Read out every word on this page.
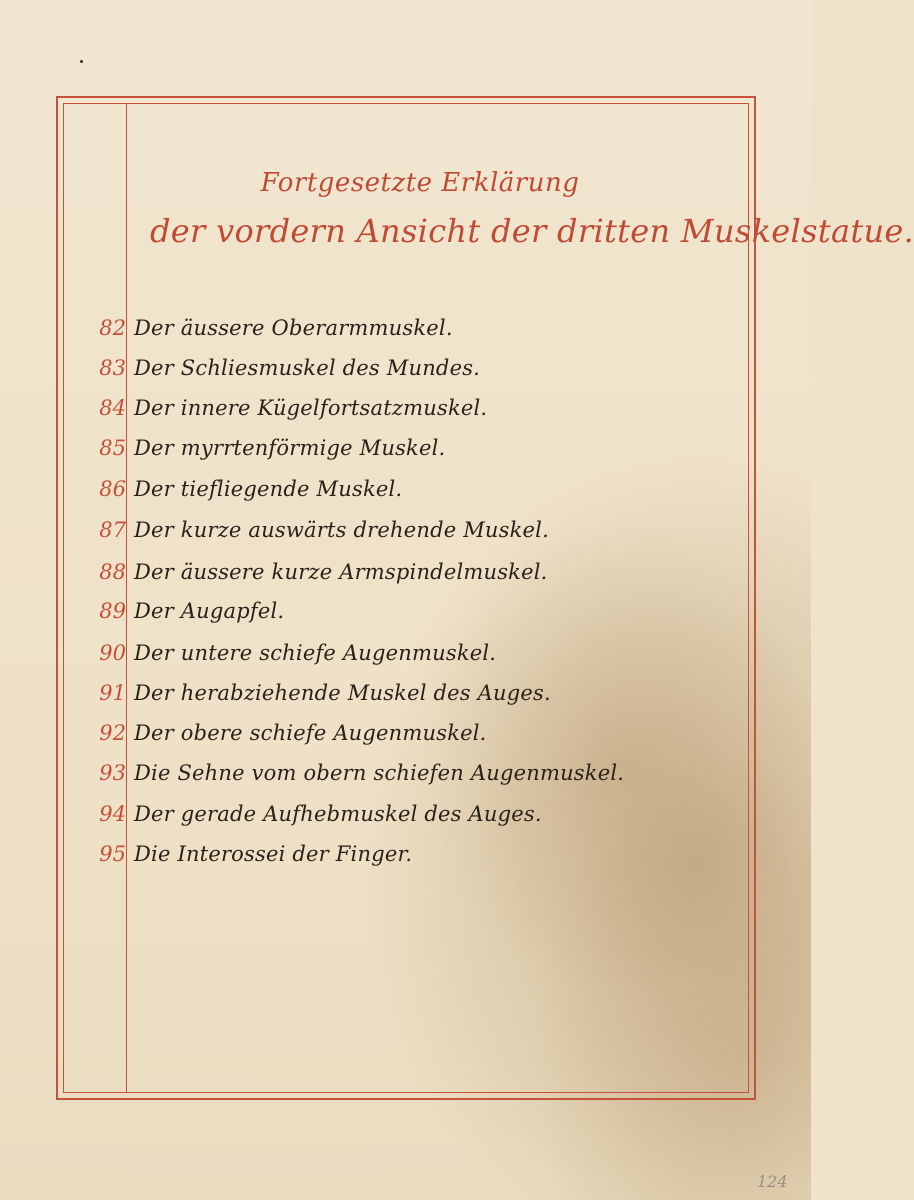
Fortgesetzte Erklärung
der vordern Ansicht der dritten Muskelstatue.
82 Der äussere Oberarmmuskel.
83 Der Schliesmuskel des Mundes.
84 Der innere Kügelfortsatzmuskel.
85 Der myrrtenförmige Muskel.
86 Der tiefliegende Muskel.
87 Der kurze auswärts drehende Muskel.
88 Der äussere kurze Armspindelmuskel.
89 Der Augapfel.
90 Der untere schiefe Augenmuskel.
91 Der herabziehende Muskel des Auges.
92 Der obere schiefe Augenmuskel.
93 Die Sehne vom obern schiefen Augenmuskel.
94 Der gerade Aufhebmuskel des Auges.
95 Die Interossei der Finger.
124
